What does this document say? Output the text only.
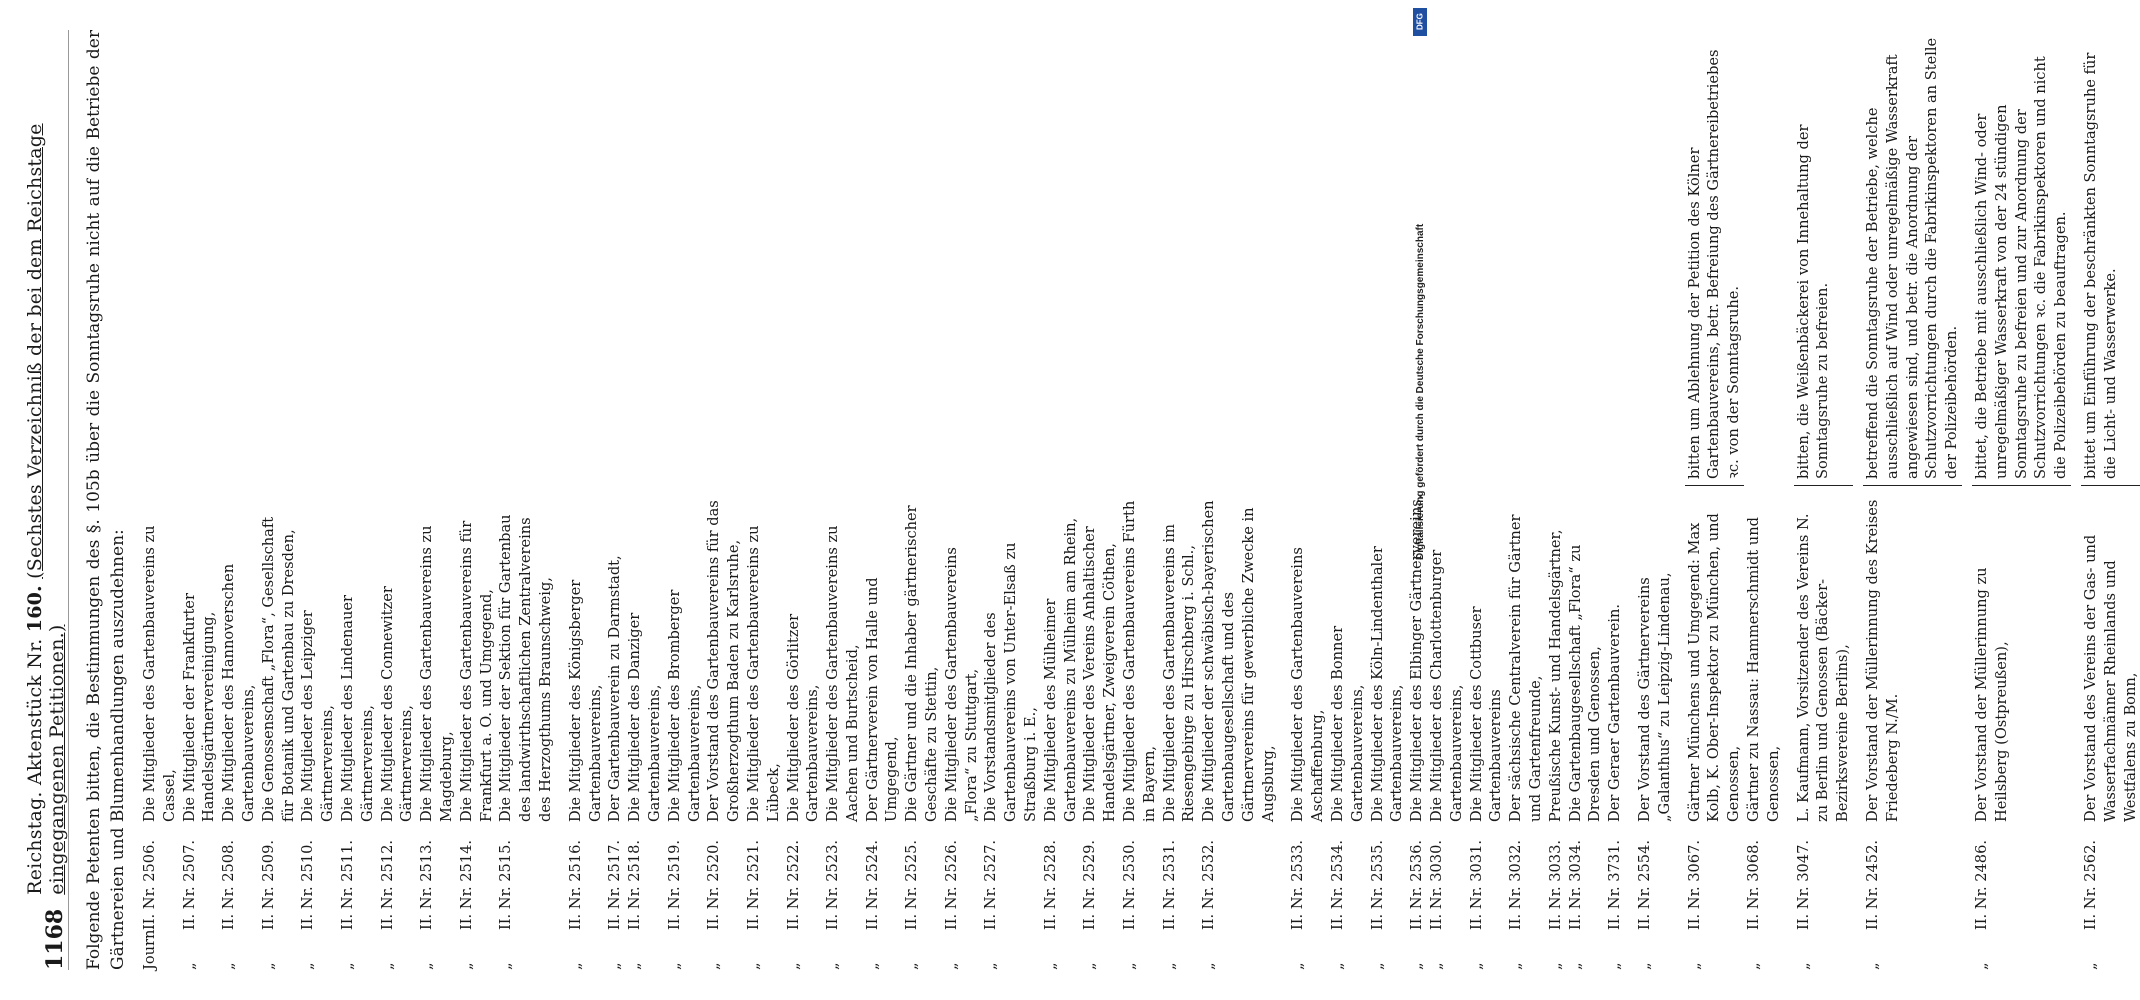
1168
Reichstag. Aktenstück Nr. 160. (Sechstes Verzeichniß der bei dem Reichstage eingegangenen Petitionen.) Folgende Petenten bitten, die Bestimmungen des §. 105b über die Sonntagsruhe nicht auf die Betriebe der Gärtnereien und Blumenhandlungen auszudehnen: Journ.
II. Nr. 2506.
Die Mitglieder des Gartenbauvereins zu Cassel,
„
II. Nr. 2507.
Die Mitglieder der Frankfurter Handelsgärtnervereinigung,
„
II. Nr. 2508.
Die Mitglieder des Hannoverschen Gartenbauvereins,
„
II. Nr. 2509.
Die Genossenschaft „Flora“, Gesellschaft für Botanik und Gartenbau zu Dresden,
„
II. Nr. 2510.
Die Mitglieder des Leipziger Gärtnervereins,
„
II. Nr. 2511.
Die Mitglieder des Lindenauer Gärtnervereins,
„
II. Nr. 2512.
Die Mitglieder des Connewitzer Gärtnervereins,
„
II. Nr. 2513.
Die Mitglieder des Gartenbauvereins zu Magdeburg,
„
II. Nr. 2514.
Die Mitglieder des Gartenbauvereins für Frankfurt a. O. und Umgegend,
„
II. Nr. 2515.
Die Mitglieder der Sektion für Gartenbau des landwirthschaftlichen Zentralvereins des Herzogthums Braunschweig,
„
II. Nr. 2516.
Die Mitglieder des Königsberger Gartenbauvereins,
„
II. Nr. 2517.
Der Gartenbauverein zu Darmstadt,
„
II. Nr. 2518.
Die Mitglieder des Danziger Gartenbauvereins,
„
II. Nr. 2519.
Die Mitglieder des Bromberger Gartenbauvereins,
„
II. Nr. 2520.
Der Vorstand des Gartenbauvereins für das Großherzogthum Baden zu Karlsruhe,
„
II. Nr. 2521.
Die Mitglieder des Gartenbauvereins zu Lübeck,
„
II. Nr. 2522.
Die Mitglieder des Görlitzer Gartenbauvereins,
„
II. Nr. 2523.
Die Mitglieder des Gartenbauvereins zu Aachen und Burtscheid,
„
II. Nr. 2524.
Der Gärtnerverein von Halle und Umgegend,
„
II. Nr. 2525.
Die Gärtner und die Inhaber gärtnerischer Geschäfte zu Stettin,
„
II. Nr. 2526.
Die Mitglieder des Gartenbauvereins „Flora“ zu Stuttgart,
„
II. Nr. 2527.
Die Vorstandsmitglieder des Gartenbauvereins von Unter-Elsaß zu Straßburg i. E.,
„
II. Nr. 2528.
Die Mitglieder des Mülheimer Gartenbauvereins zu Mülheim am Rhein,
„
II. Nr. 2529.
Die Mitglieder des Vereins Anhaltischer Handelsgärtner, Zweigverein Cöthen,
„
II. Nr. 2530.
Die Mitglieder des Gartenbauvereins Fürth in Bayern,
„
II. Nr. 2531.
Die Mitglieder des Gartenbauvereins im Riesengebirge zu Hirschberg i. Schl.,
„
II. Nr. 2532.
Die Mitglieder der schwäbisch-bayerischen Gartenbaugesellschaft und des Gärtnervereins für gewerbliche Zwecke in Augsburg,
„
II. Nr. 2533.
Die Mitglieder des Gartenbauvereins Aschaffenburg,
„
II. Nr. 2534.
Die Mitglieder des Bonner Gartenbauvereins,
„
II. Nr. 2535.
Die Mitglieder des Köln-Lindenthaler Gartenbauvereins,
„
II. Nr. 2536.
Die Mitglieder des Elbinger Gärtnervereins,
„
II. Nr. 3030.
Die Mitglieder des Charlottenburger Gartenbauvereins,
„
II. Nr. 3031.
Die Mitglieder des Cottbuser Gartenbauvereins
„
II. Nr. 3032.
Der sächsische Centralverein für Gärtner und Gartenfreunde,
„
II. Nr. 3033.
Preußische Kunst- und Handelsgärtner,
„
II. Nr. 3034.
Die Gartenbaugesellschaft „Flora“ zu Dresden und Genossen,
„
II. Nr. 3731.
Der Geraer Gartenbauverein.
„
II. Nr. 2554.
Der Vorstand des Gärtnervereins „Galanthus“ zu Leipzig-Lindenau,
„
II. Nr. 3067.
Gärtner Münchens und Umgegend: Max Kolb, K. Ober-Inspektor zu München, und Genossen,
bitten um Ablehnung der Petition des Kölner Gartenbauvereins, betr. Befreiung des Gärtnereibetriebes ꝛc. von der Sonntagsruhe.
„
II. Nr. 3068.
Gärtner zu Nassau: Hammerschmidt und Genossen,
„
II. Nr. 3047.
L. Kaufmann, Vorsitzender des Vereins N. zu Berlin und Genossen (Bäcker-Bezirksvereine Berlins),
bitten, die Weißenbäckerei von Innehaltung der Sonntagsruhe zu befreien.
„
II. Nr. 2452.
Der Vorstand der Müllerinnung des Kreises Friedeberg N./M.
betreffend die Sonntagsruhe der Betriebe, welche ausschließlich auf Wind oder unregelmäßige Wasserkraft angewiesen sind, und betr. die Anordnung der Schutzvorrichtungen durch die Fabrikinspektoren an Stelle der Polizeibehörden.
„
II. Nr. 2486.
Der Vorstand der Müllerinnung zu Heilsberg (Ostpreußen),
bittet, die Betriebe mit ausschließlich Wind- oder unregelmäßiger Wasserkraft von der 24 stündigen Sonntagsruhe zu befreien und zur Anordnung der Schutzvorrichtungen ꝛc. die Fabrikinspektoren und nicht die Polizeibehörden zu beauftragen.
„
II. Nr. 2562.
Der Vorstand des Vereins der Gas- und Wasserfachmänner Rheinlands und Westfalens zu Bonn,
bittet um Einführung der beschränkten Sonntagsruhe für die Licht- und Wasserwerke.
DFG
Digitalisierung gefördert durch die Deutsche Forschungsgemeinschaft
